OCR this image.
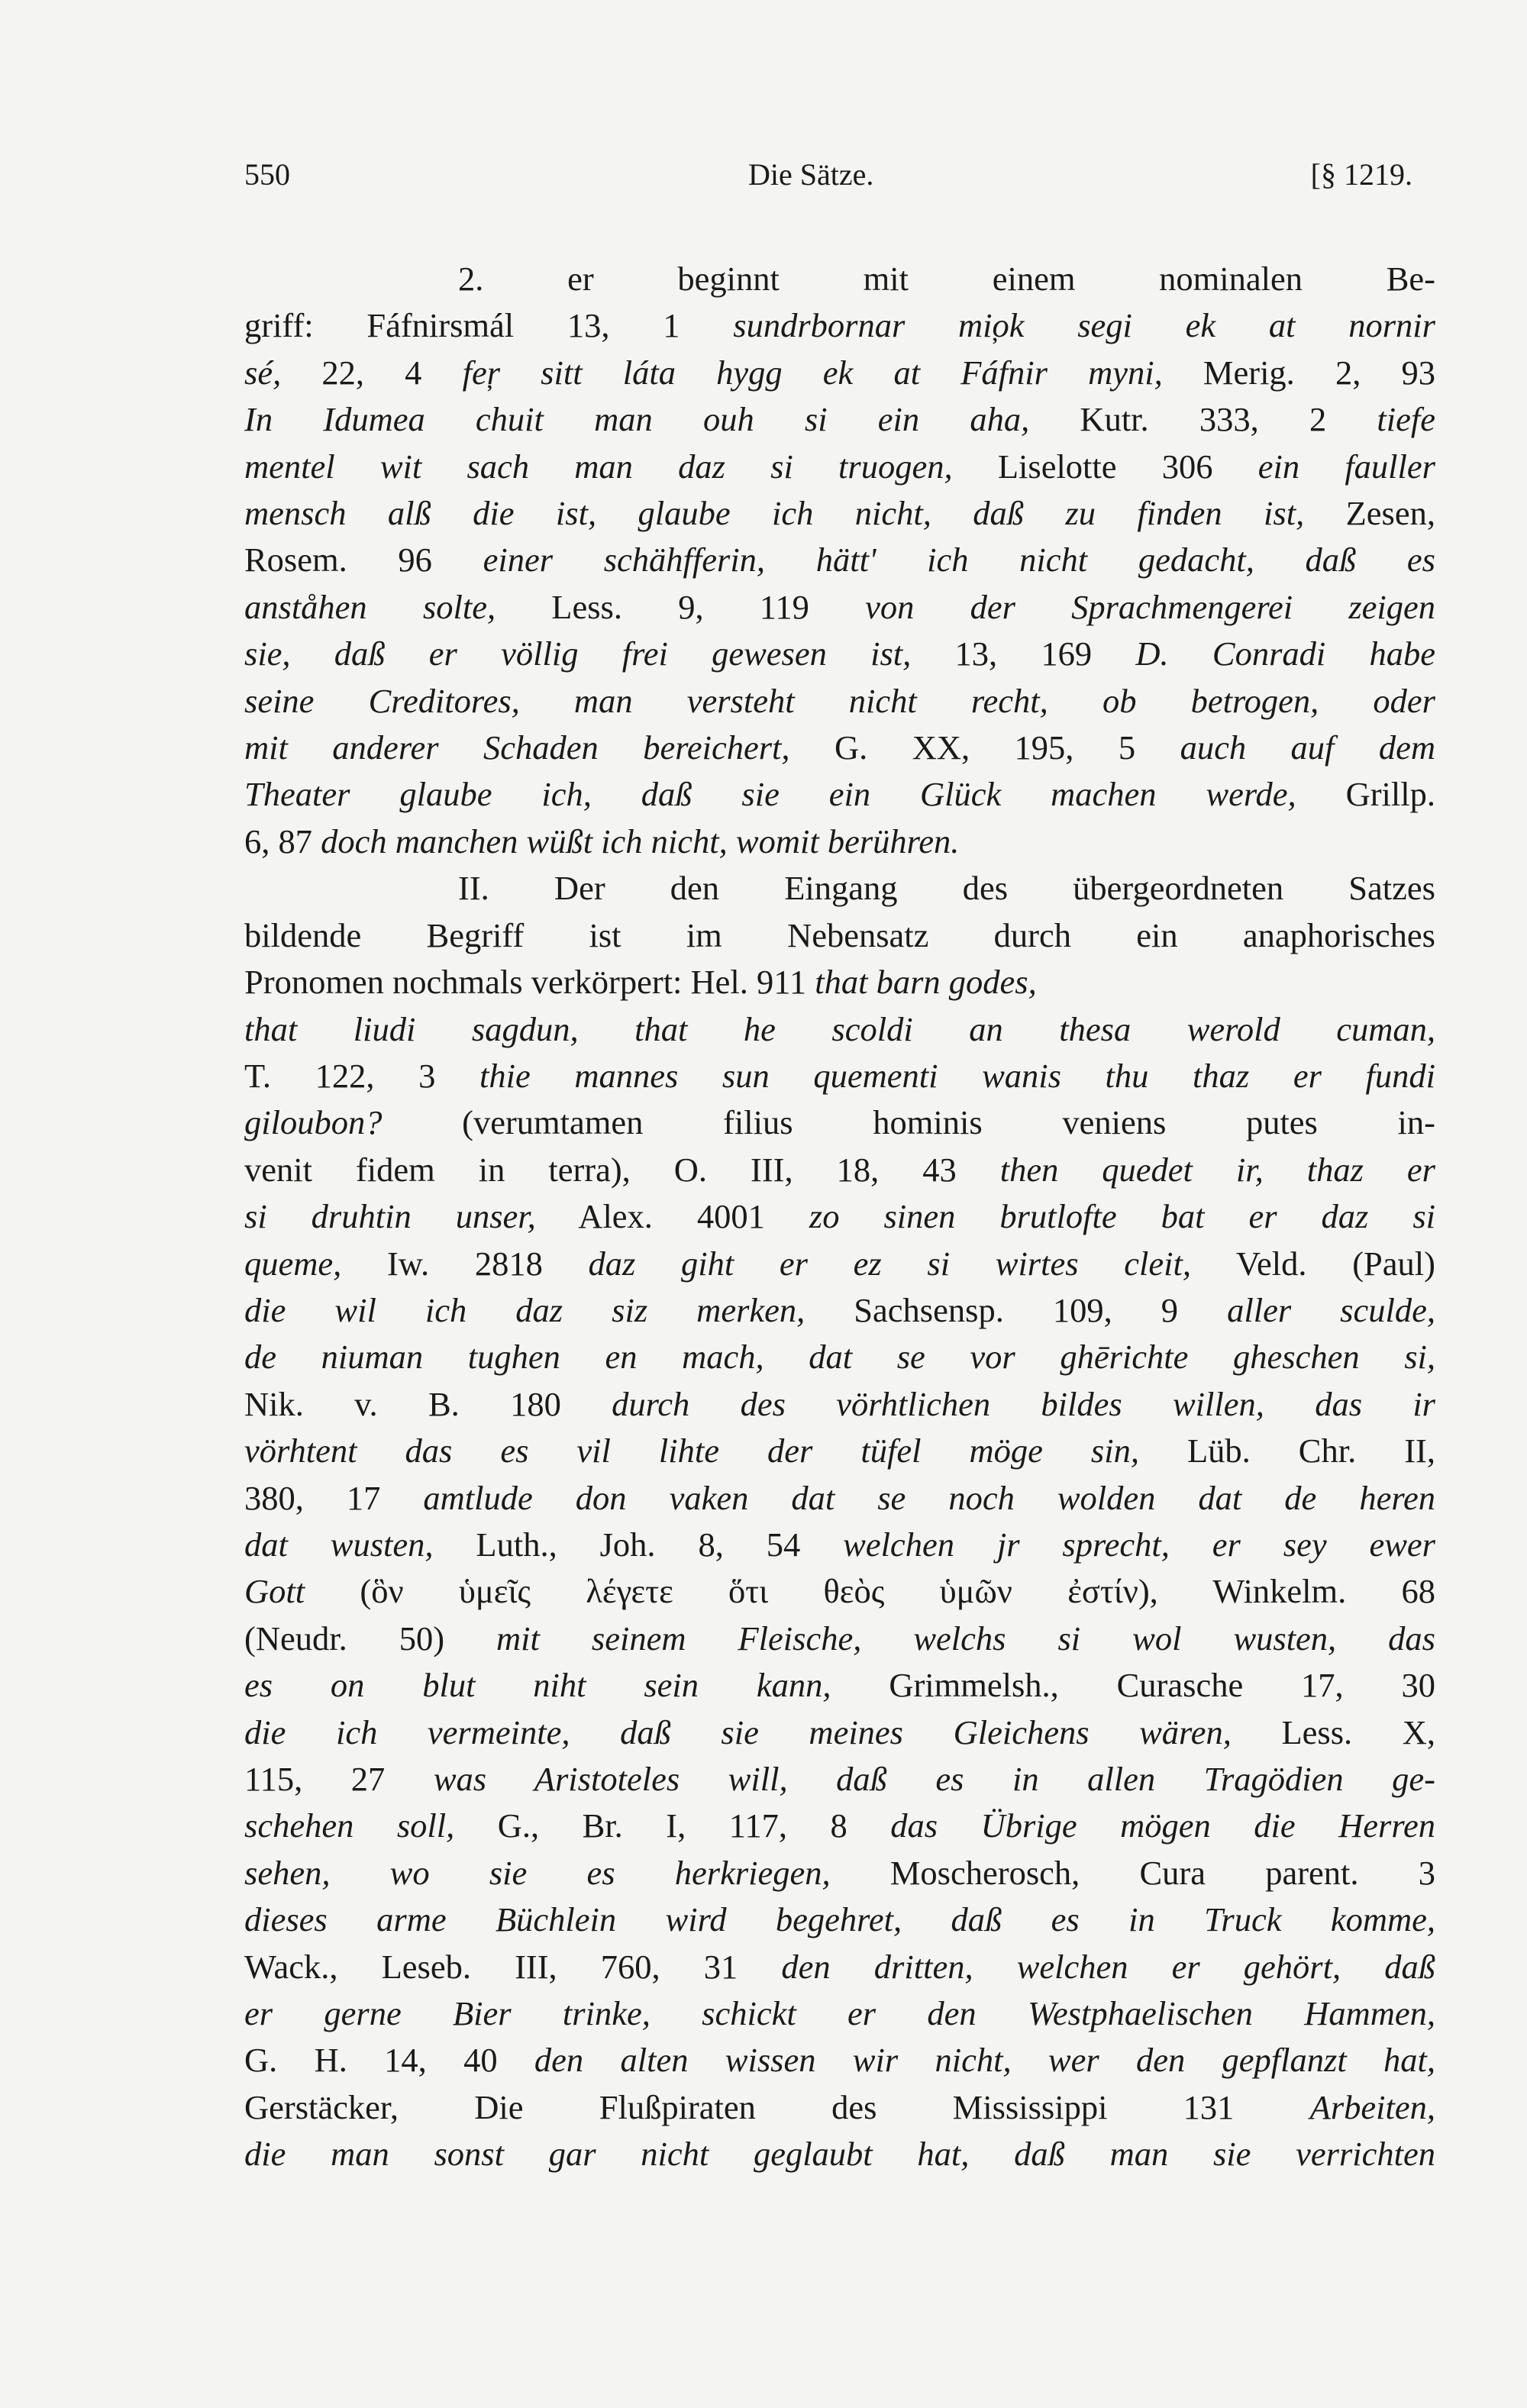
550	Die Sätze.	[§ 1219.
2. er beginnt mit einem nominalen Be-
griff: Fáfnirsmál 13, 1 sundrbornar mi̦ok segi ek at nornir
sé, 22, 4 fe̦r sitt láta hygg ek at Fáfnir myni, Merig. 2, 93
In Idumea chuit man ouh si ein aha, Kutr. 333, 2 tiefe
mentel wit sach man daz si truogen, Liselotte 306 ein fauller
mensch alß die ist, glaube ich nicht, daß zu finden ist, Zesen,
Rosem. 96 einer schähfferin, hätt' ich nicht gedacht, daß es
anståhen solte, Less. 9, 119 von der Sprachmengerei zeigen
sie, daß er völlig frei gewesen ist, 13, 169 D. Conradi habe
seine Creditores, man versteht nicht recht, ob betrogen, oder
mit anderer Schaden bereichert, G. XX, 195, 5 auch auf dem
Theater glaube ich, daß sie ein Glück machen werde, Grillp.
6, 87 doch manchen wüßt ich nicht, womit berühren.
II. Der den Eingang des übergeordneten Satzes
bildende Begriff ist im Nebensatz durch ein anaphorisches
Pronomen nochmals verkörpert: Hel. 911 that barn godes,
that liudi sagdun, that he scoldi an thesa werold cuman,
T. 122, 3 thie mannes sun quementi wanis thu thaz er fundi
giloubon? (verumtamen filius hominis veniens putes in-
venit fidem in terra), O. III, 18, 43 then quedet ir, thaz er
si druhtin unser, Alex. 4001 zo sinen brutlofte bat er daz si
queme, Iw. 2818 daz giht er ez si wirtes cleit, Veld. (Paul)
die wil ich daz siz merken, Sachsensp. 109, 9 aller sculde,
de niuman tughen en mach, dat se vor ghērichte gheschen si,
Nik. v. B. 180 durch des vörhtlichen bildes willen, das ir
vörhtent das es vil lihte der tüfel möge sin, Lüb. Chr. II,
380, 17 amtlude don vaken dat se noch wolden dat de heren
dat wusten, Luth., Joh. 8, 54 welchen jr sprecht, er sey ewer
Gott (ὃν ὑμεῖς λέγετε ὅτι θεὸς ὑμῶν ἐστίν), Winkelm. 68
(Neudr. 50) mit seinem Fleische, welchs si wol wusten, das
es on blut niht sein kann, Grimmelsh., Curasche 17, 30
die ich vermeinte, daß sie meines Gleichens wären, Less. X,
115, 27 was Aristoteles will, daß es in allen Tragödien ge-
schehen soll, G., Br. I, 117, 8 das Übrige mögen die Herren
sehen, wo sie es herkriegen, Moscherosch, Cura parent. 3
dieses arme Büchlein wird begehret, daß es in Truck komme,
Wack., Leseb. III, 760, 31 den dritten, welchen er gehört, daß
er gerne Bier trinke, schickt er den Westphaelischen Hammen,
G. H. 14, 40 den alten wissen wir nicht, wer den gepflanzt hat,
Gerstäcker, Die Flußpiraten des Mississippi 131 Arbeiten,
die man sonst gar nicht geglaubt hat, daß man sie verrichten
